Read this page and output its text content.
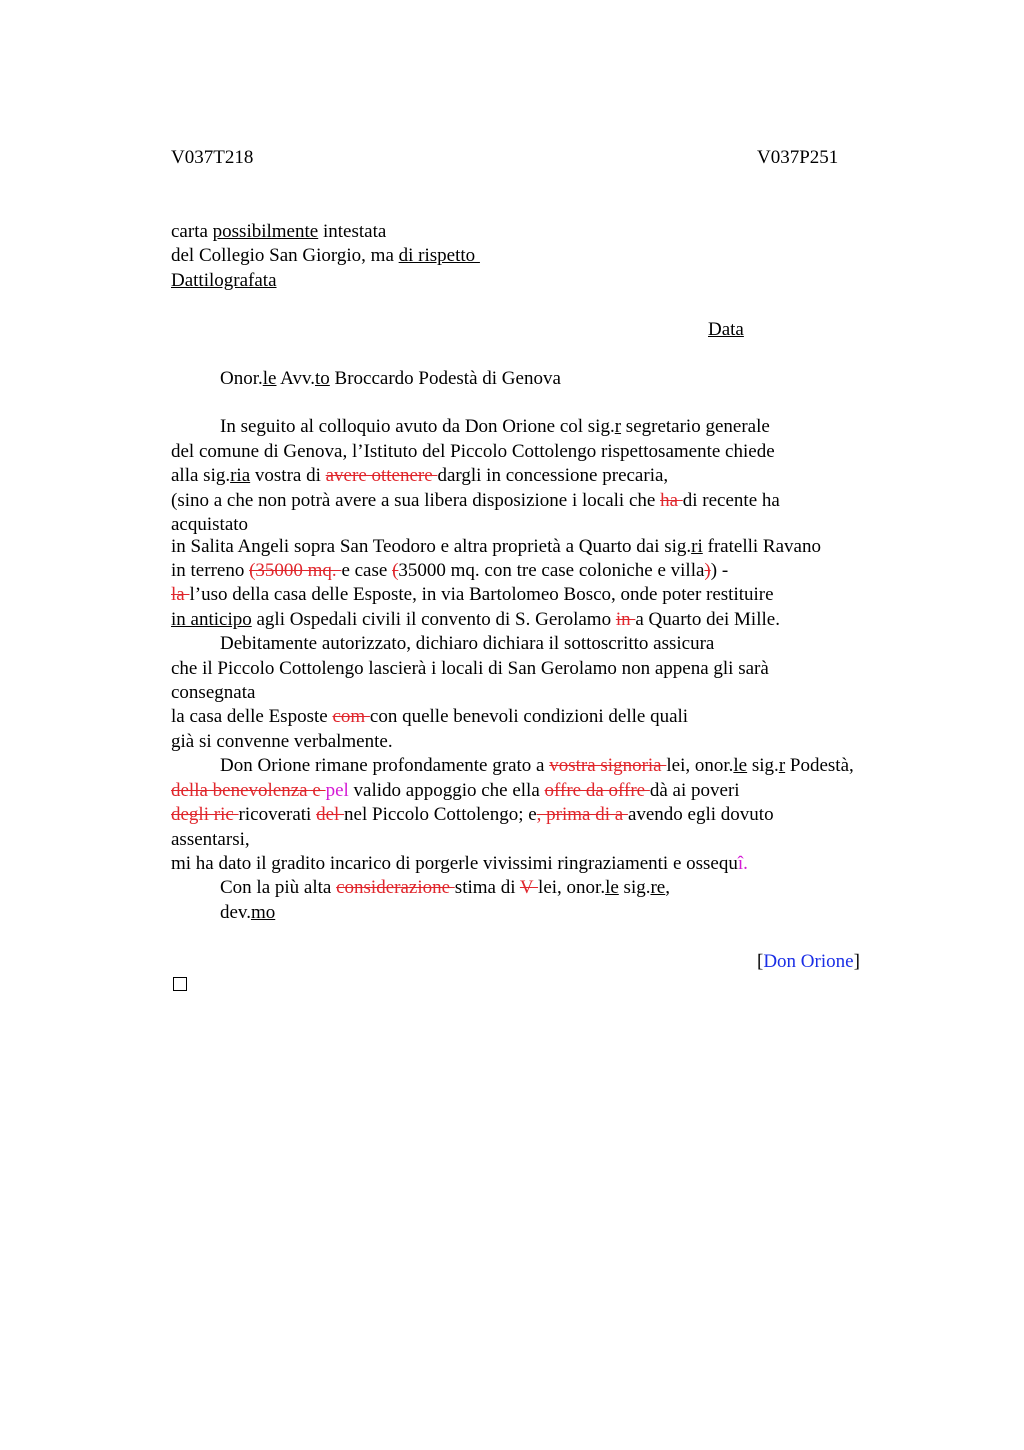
V037T218	V037P251
carta possibilmente intestata
del Collegio San Giorgio, ma di rispetto
Dattilografata
Data
Onor.le Avv.to Broccardo Podestà di Genova
In seguito al colloquio avuto da Don Orione col sig.r segretario generale
del comune di Genova, l’Istituto del Piccolo Cottolengo rispettosamente chiede
alla sig.ria vostra di avere ottenere dargli in concessione precaria,
(sino a che non potrà avere a sua libera disposizione i locali che ha di recente ha
acquistato
in Salita Angeli sopra San Teodoro e altra proprietà a Quarto dai sig.ri fratelli Ravano
in terreno (35000 mq. e case (35000 mq. con tre case coloniche e villa)) -
la l’uso della casa delle Esposte, in via Bartolomeo Bosco, onde poter restituire
in anticipo agli Ospedali civili il convento di S. Gerolamo in a Quarto dei Mille.
Debitamente autorizzato, dichiaro dichiara il sottoscritto assicura
che il Piccolo Cottolengo lascierà i locali di San Gerolamo non appena gli sarà
consegnata
la casa delle Esposte com con quelle benevoli condizioni delle quali
già si convenne verbalmente.
Don Orione rimane profondamente grato a vostra signoria lei, onor.le sig.r Podestà,
della benevolenza e pel valido appoggio che ella offre da offre dà ai poveri
degli ric ricoverati del nel Piccolo Cottolengo; e, prima di a avendo egli dovuto
assentarsi,
mi ha dato il gradito incarico di porgerle vivissimi ringraziamenti e ossequî.
Con la più alta considerazione stima di V lei, onor.le sig.re,
dev.mo
[Don Orione]
